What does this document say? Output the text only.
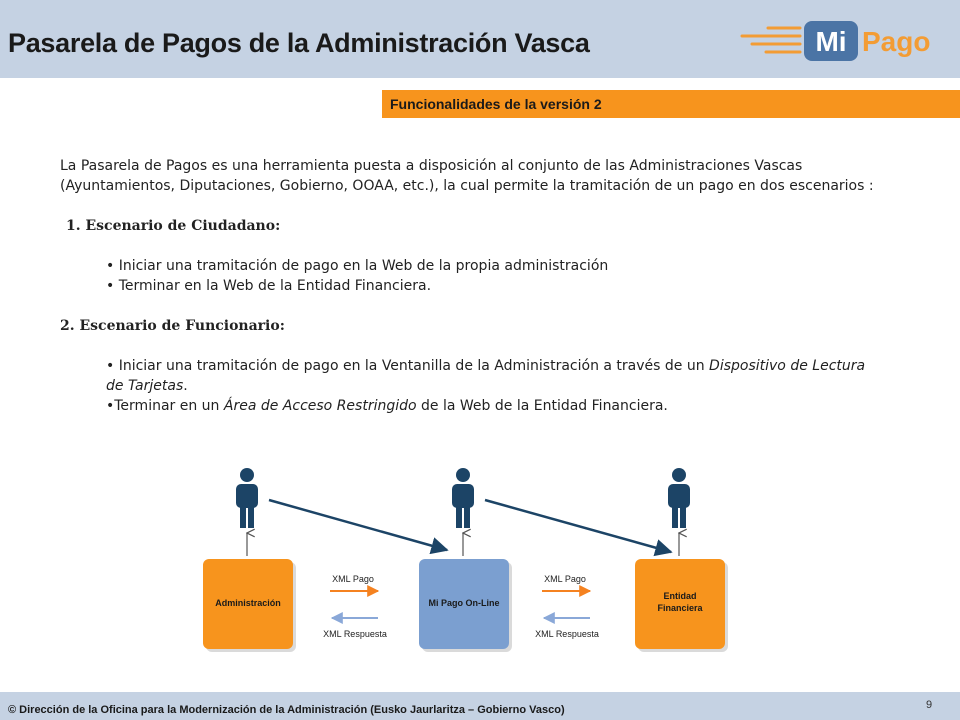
Pasarela de Pagos de la Administración Vasca	Mi Pago
Funcionalidades de la versión 2

La Pasarela de Pagos es una herramienta puesta a disposición al conjunto de las Administraciones Vascas (Ayuntamientos, Diputaciones, Gobierno, OOAA, etc.), la cual permite la tramitación de un pago en dos escenarios :

1. Escenario de Ciudadano:

• Iniciar una tramitación de pago en la Web de la propia administración

• Terminar en la Web de la Entidad Financiera.

2. Escenario de Funcionario:

• Iniciar una tramitación de pago en la Ventanilla de la Administración a través de un Dispositivo de Lectura de Tarjetas.

•Terminar en un Área de Acceso Restringido de la Web de la Entidad Financiera.

Administración	Mi Pago On-Line
Entidad
Financiera
XML Pago
XML Respuesta
XML Pago
XML Respuesta
© Dirección de la Oficina para la Modernización de la Administración (Eusko Jaurlaritza – Gobierno Vasco)	9
